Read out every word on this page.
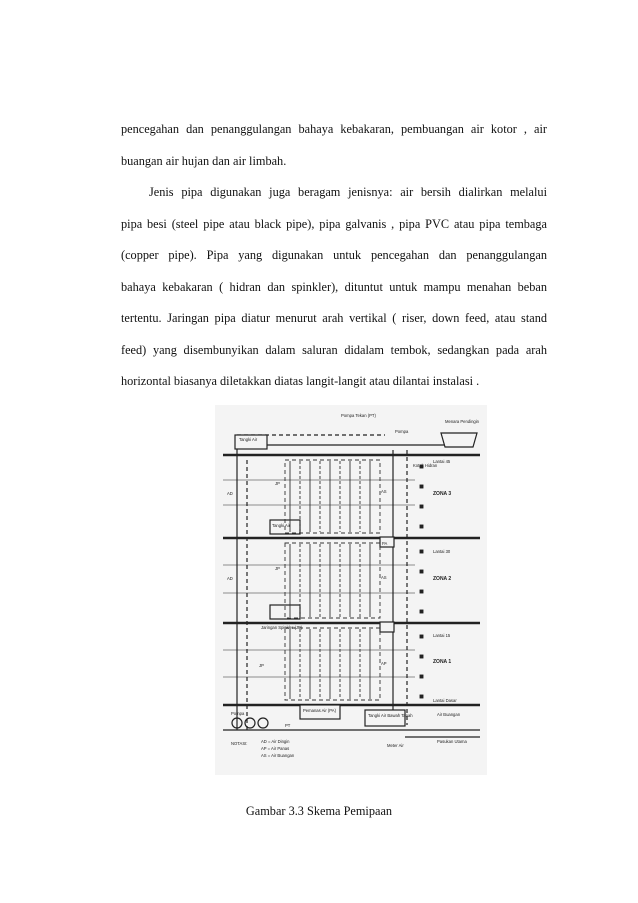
pencegahan dan penanggulangan bahaya kebakaran, pembuangan air kotor , air
buangan air hujan dan air limbah.
Jenis pipa digunakan juga beragam jenisnya: air bersih dialirkan melalui
pipa besi (steel pipe atau black pipe), pipa galvanis , pipa PVC atau pipa tembaga
(copper pipe). Pipa yang digunakan untuk pencegahan dan penanggulangan
bahaya kebakaran ( hidran dan spinkler), dituntut untuk mampu menahan beban
tertentu. Jaringan pipa diatur menurut arah vertikal ( riser, down feed, atau stand
feed) yang disembunyikan dalam saluran didalam tembok, sedangkan pada arah
horizontal biasanya diletakkan diatas langit-langit atau dilantai instalasi .
Tangki Air
Pompa Tekan (PT)
Pompa
Menara Pendingin
Kotak Hidran
Lantai 45
ZONA 3
Lantai 30
ZONA 2
Lantai 15
ZONA 1
Lantai Dasar
AD
AD
AS
AS
AP
JP
JP
JP
PA
Tangki Air
Jaringan Spinkler (JP)
Pompa
Pemanas Air (PA)
PT
Tangki Air Bawah Tanah	Air Buangan
Meter Air
Pasukan Utama
NOTASI:	AD = Air Dingin
AP = Air Panas
AS = Air Buangan
Gambar 3.3 Skema Pemipaan
